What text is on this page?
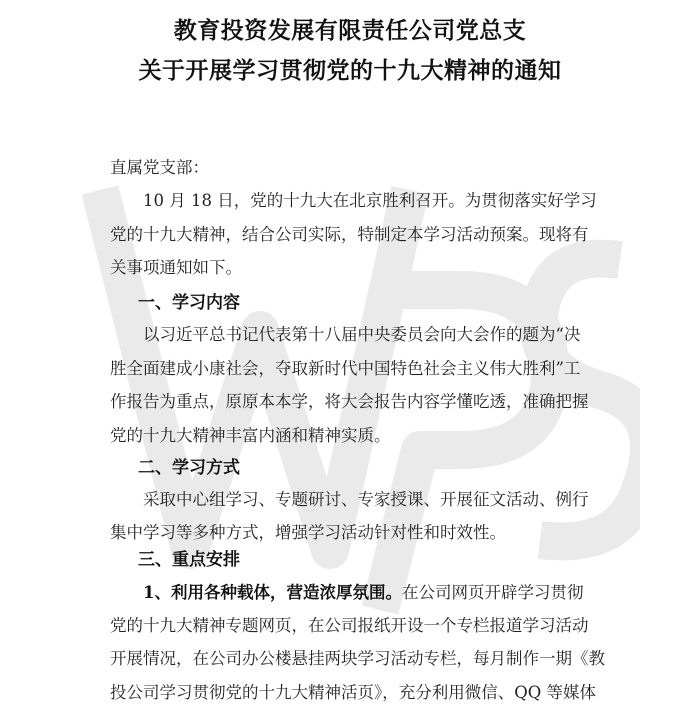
教育投资发展有限责任公司党总支
关于开展学习贯彻党的十九大精神的通知
直属党支部：
10 月 18 日，党的十九大在北京胜利召开。为贯彻落实好学习
党的十九大精神，结合公司实际，特制定本学习活动预案。现将有
关事项通知如下。
一、学习内容
以习近平总书记代表第十八届中央委员会向大会作的题为“决
胜全面建成小康社会，夺取新时代中国特色社会主义伟大胜利”工
作报告为重点，原原本本学，将大会报告内容学懂吃透，准确把握
党的十九大精神丰富内涵和精神实质。
二、学习方式
采取中心组学习、专题研讨、专家授课、开展征文活动、例行
集中学习等多种方式，增强学习活动针对性和时效性。
三、重点安排
1、利用各种载体，营造浓厚氛围。在公司网页开辟学习贯彻
党的十九大精神专题网页，在公司报纸开设一个专栏报道学习活动
开展情况，在公司办公楼悬挂两块学习活动专栏，每月制作一期《教
投公司学习贯彻党的十九大精神活页》，充分利用微信、QQ 等媒体
